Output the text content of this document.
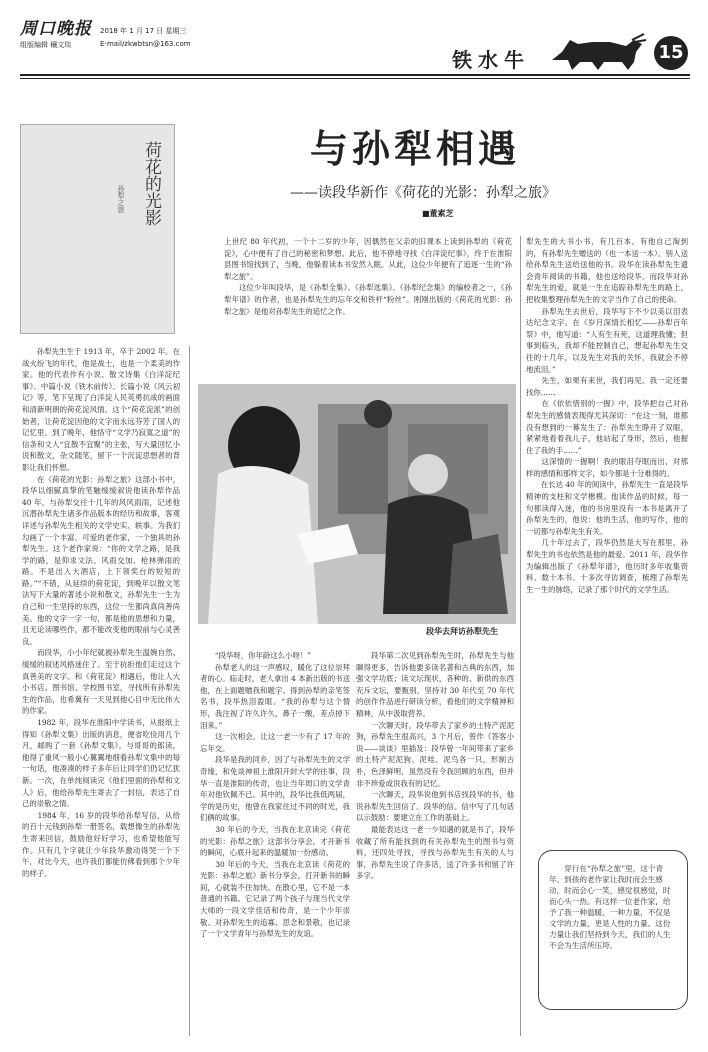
周口晚报 2018 年 1 月 17 日 星期三
组版编辑 穰文琰	E-mail/zkwbtsn@163.com
铁水牛	15
荷花的光影
孙犁之旅
与孙犁相遇
——读段华新作《荷花的光影：孙犁之旅》
■董素芝
上世纪 80 年代初，一个十二岁的少年，因偶然在父亲的旧课本上读到孙犁的《荷花淀》，心中便有了自己的秘密和梦想。此后，他不停地寻找《白洋淀纪事》，终于在淮阳县图书馆找到了，当晚，他躲着读本书安然入眠。从此，这位少年便有了追逐一生的“孙犁之旅”。
　　这位少年叫段华，是《孙犁全集》、《孙犁选集》、《孙犁纪念集》的编校者之一，《孙犁年谱》的作者，也是孙犁先生的忘年交和铁杆“粉丝”。刚刚出版的《荷花的光影：孙犁之旅》是他对孙犁先生的追忆之作。
　　孙犁先生生于 1913 年，卒于 2002 年。在战火纷飞的年代，他是战士，也是一个柔美的作家。他的代表作有小说、散文诗集《白洋淀纪事》、中篇小说《铁木前传》、长篇小说《风云初记》等，笔下呈现了白洋淀人民英勇抗战的画面和清新明朗的荷花淀风情。这个“荷花淀派”的创始者，让荷花淀因他的文字而永远芬芳了国人的记忆里。到了晚年，他恪守“文学乃寂寞之道”的信条和文人“宜散不宜聚”的主张，写大量回忆小说和散文，杂文随笔，留下一个沉淀思想者的背影让我们怀想。
　　在《荷花的光影：孙犁之旅》这部小书中，段华以细腻真挚的笔触缓缓叙说他读孙犁作品 40 年，与孙犁交往十几年的风风雨雨，记述他沉潜孙犁先生诸多作品版本的经历和故事，客观详述与孙犁先生相关的文学史实、轶事。为我们勾画了一个丰富、可爱的老作家，一个独具的孙犁先生。这个老作家说：“你的文学之路，是我学的路，是仰求文法、风雨交加、枪林弹雨的路。不是出入大酒店，上下领奖台的短短的路。”“不错，从延续的荷花淀，到晚年以散文笔法写下大量的著述小说和散文，孙犁先生一生为自己和一生坚持的东西，这位一生都尚真尚善尚美。他的文字一字一句，都是他的思想和力量，且无论读哪些作，都不能改变他的眼前与心灵善良。
　　而段华，小小年纪就被孙犁先生温婉自然、缓缓的叙述风格迷住了。至于抗拒他们走过这个真善美的文字。和《荷花淀》相遇后，他让人大小书店、图书馆、学校图书室，寻找所有孙犁先生的作品，也希冀有一天见到他心目中无比伟大的作家。
　　1982 年，段华在淮阳中学读书，从报纸上得知《孙犁文集》出版的消息，便省吃俭用几个月，邮购了一套《孙犁文集》。与哥哥的郎读，他得了重风一般小心翼翼地细看孙犁文集中的每一句话，他凑凑的样子多年后让同学们仍记忆犹新。一次，在单纯阅读完《他们里面的孙犁和文人》后，他给孙犁先生寄去了一封信，表达了自己的崇敬之情。
　　1984 年，16 岁的段华给孙犁写信，从给的百十元钱到孙犁一册签名，载想像生的孙犁先生寄来回信，鼓励他好好学习，也希望他能写作。只有几个字就让少年段华激动得哭一个下午，对比今天，也许我们都能仿佛看到那个少年的样子。
段华去拜访孙犁先生
　　“段华呀，你年龄这么小呀！”
　　孙犁老人的这一声感叹，暖化了这位崇拜者的心。临走时，老人拿出 4 本新出版的书送他，在上面题赠我和题字。得到孙犁的亲笔签名书，段华热泪盈眶。“我的孙犁与这个情形，我注视了许久许久，鼻子一酸，差点掉下泪来。”
　　这一次相会，让这一老一少有了 17 年的忘年交。
　　段华是我的同乡，因了与孙犁先生的文学奇缘，和免谈神祖上淮阳开封大学的往事，段华一直是淮阳的传奇，也让当年周口的文学青年对他钦佩不已。其中的，段华比我低两届，学的是历史，他曾在我家住过不同的时光，我们俩的故事。
　　30 年后的今天，当我在北京读完《荷花的光影：孙犁之旅》这部书分享会，才开新书的瞬间，心底升起来的温暖加一份感动。
　　30 年后的今天，当我在北京读《荷花的光影：孙犁之旅》新书分享会，打开新书的瞬间，心就装不住加快。在散心里，它不是一本普通的书籍。它记录了两个孩子与现当代文学大师的一段文学佳话和传奇，是一个少年崇敬、对孙犁先生的追寡、思念和景敬，也记录了一个文学青年与孙犁先生的友谊。
　　段华第二次见到孙犁先生时，孙犁先生与他聊得更多，告诉他要多读名著和古典的东西，加强文学功底；读文坛现状，各种的、新供的东西充斥文坛，要甄别，坚持对 30 年代至 70 年代的创作作品进行研读分析，看他们的文学精神和精神，从中汲取营养。
　　一次聊天时，段华带去了家乡的土特产泥泥狗，孙犁先生很高兴，3 个月后，曾作《答客小说——谈谈》里插及：段华曾一年间带来了家乡的土特产泥泥狗、泥哇、泥鸟各一只，形制古朴，色泽鲜明，虽然没有令我回顾的东西，但并非不珍爱或说我有的记忆。
　　一次聊天，段华说他到书店找段华的书，他说孙犁先生回信了。段华的信。信中写了几句话以示鼓励：要建立在工作的基础上。
　　最能表达这一老一少知遇的就是书了，段华收藏了所有能找到的有关孙犁先生的图书与资料，还四处寻找，寻找与孙犁先生有关的人与事，孙犁先生说了许多话，送了许多书和留了许多字。
犁先生的大书小书，有几百本。有他自己淘到的，有孙犁先生赠送的（也一本送一本）。别人送给孙犁先生送给送他的书。段华在读孙犁先生遗会青年阅读的书籍，他也送给段华。而段华对孙犁先生的爱，就是一生在追踪孙犁先生的路上，把收集整理孙犁先生的文字当作了自己的使命。
　　孙犁先生去世后，段华写下不少以美以泪表达纪念文字。在《岁月深情长相忆——孙犁百年祭》中，他写道：“人有生有死，这道理我懂；但事到临头，我却不能控制自己，想起孙犁先生交往的十几年，以及先生对我的关怀，我就会不停地流泪。”
　　先生，如果有来世，我们再见。我一定还要找你……
　　在《依依惜别的一握》中，段华把自己对孙犁先生的感情表现得尤其深切：“在这一刻，谁都没有想到的一幕发生了：孙犁先生睁开了双眼，紧紧地看着我儿子，他站起了身形，然后，他握住了我的手……”
　　这深情的一握啊！我的眼泪夺眶而出，对那样的感情和那样文字，如今都是十分难得的。
　　在长达 40 年的阅读中，孙犁先生一直是段华精神的支柱和文学楷模。他读作品的时候，每一句都读得入迷，他的书房里没有一本书是离开了孙犁先生的，他说：他的生活，他的写作，他的一切都与孙犁先生有关。
　　几十年过去了，段华仍然是大写在那里，孙犁先生的书也依然是他的最爱。2011 年，段华作为编辑出版了《孙犁年谱》，他历时多年收集资料、数十本书、十多次寻访调查，梳理了孙犁先生一生的脉络，记录了那个时代的文学生活。
　　穿行在“孙犁之旅”里，这个青年、到孩的老作家让我时而会生感动，时而会心一笑，感觉很感觉，时而心头一热。有这样一位老作家，给予了我一种温暖、一种力量，不仅是文学的力量，更是人性的力量。这份力量让我们坚持到今天，我们的人生不会为生活所压垮。
